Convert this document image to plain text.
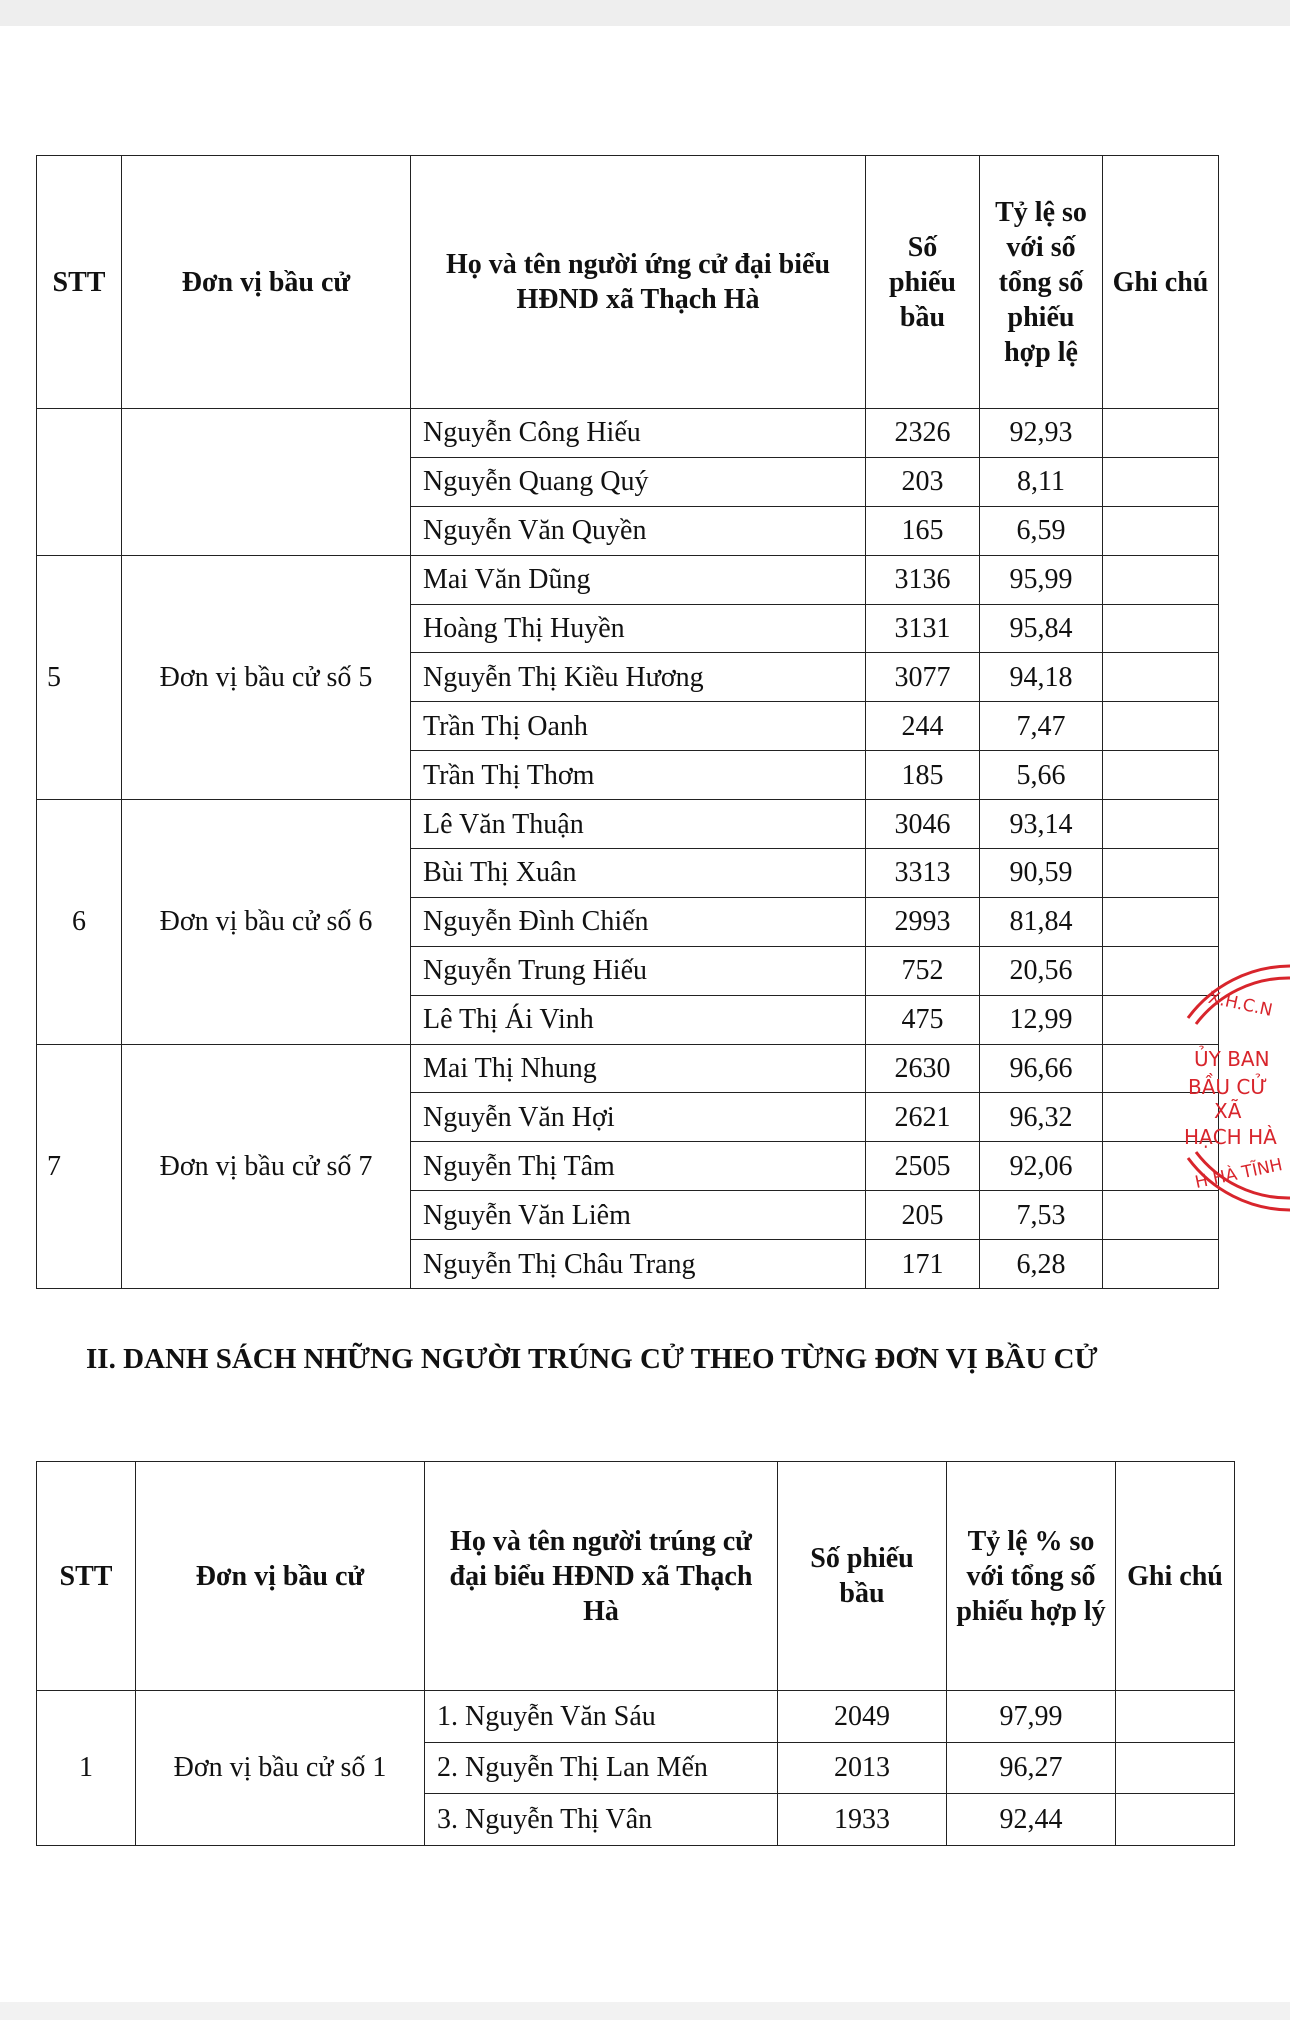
STT	Đơn vị bầu cử	Họ và tên người ứng cử đại biểu HĐND xã Thạch Hà	Số phiếu bầu	Tỷ lệ so với số tổng số phiếu hợp lệ	Ghi chú
		Nguyễn Công Hiếu	2326	92,93	
		Nguyễn Quang Quý	203	8,11	
		Nguyễn Văn Quyền	165	6,59	
5	Đơn vị bầu cử số 5	Mai Văn Dũng	3136	95,99	
		Hoàng Thị Huyền	3131	95,84	
		Nguyễn Thị Kiều Hương	3077	94,18	
		Trần Thị Oanh	244	7,47	
		Trần Thị Thơm	185	5,66	
6	Đơn vị bầu cử số 6	Lê Văn Thuận	3046	93,14	
		Bùi Thị Xuân	3313	90,59	
		Nguyễn Đình Chiến	2993	81,84	
		Nguyễn Trung Hiếu	752	20,56	
		Lê Thị Ái Vinh	475	12,99	
7	Đơn vị bầu cử số 7	Mai Thị Nhung	2630	96,66	
		Nguyễn Văn Hợi	2621	96,32	
		Nguyễn Thị Tâm	2505	92,06	
		Nguyễn Văn Liêm	205	7,53	
		Nguyễn Thị Châu Trang	171	6,28	
II. DANH SÁCH NHỮNG NGƯỜI TRÚNG CỬ THEO TỪNG ĐƠN VỊ BẦU CỬ
STT	Đơn vị bầu cử	Họ và tên người trúng cử đại biểu HĐND xã Thạch Hà	Số phiếu bầu	Tỷ lệ % so với tổng số phiếu hợp lý	Ghi chú
1	Đơn vị bầu cử số 1	1. Nguyễn Văn Sáu	2049	97,99	
		2. Nguyễn Thị Lan Mến	2013	96,27	
		3. Nguyễn Thị Vân	1933	92,44	
X.H.C.N
ỦY BAN
BẦU CỬ
XÃ
HẠCH HÀ
H HÀ TĨNH
